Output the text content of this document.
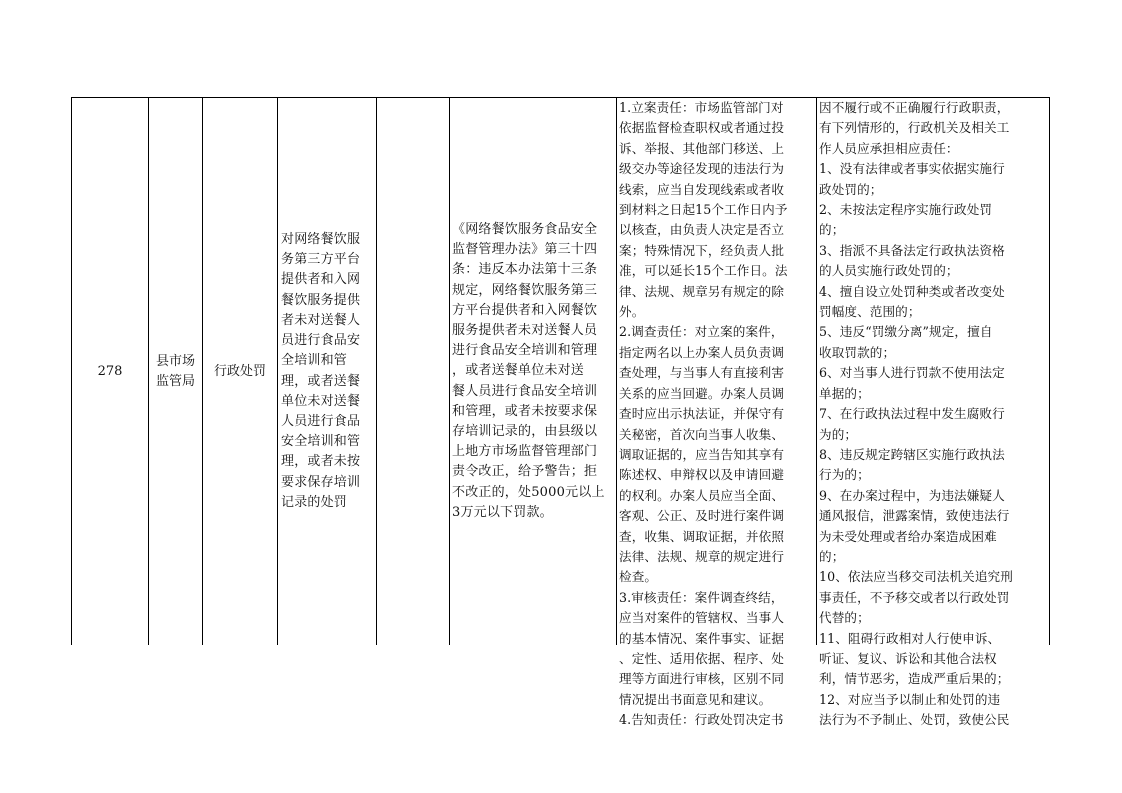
278
县市场
监管局
行政处罚
对网络餐饮服
务第三方平台
提供者和入网
餐饮服务提供
者未对送餐人
员进行食品安
全培训和管
理，或者送餐
单位未对送餐
人员进行食品
安全培训和管
理，或者未按
要求保存培训
记录的处罚
《网络餐饮服务食品安全
监督管理办法》第三十四
条：违反本办法第十三条
规定，网络餐饮服务第三
方平台提供者和入网餐饮
服务提供者未对送餐人员
进行食品安全培训和管理
，或者送餐单位未对送
餐人员进行食品安全培训
和管理，或者未按要求保
存培训记录的，由县级以
上地方市场监督管理部门
责令改正，给予警告；拒
不改正的，处5000元以上
3万元以下罚款。
1.立案责任：市场监管部门对
依据监督检查职权或者通过投
诉、举报、其他部门移送、上
级交办等途径发现的违法行为
线索，应当自发现线索或者收
到材料之日起15个工作日内予
以核查，由负责人决定是否立
案；特殊情况下，经负责人批
准，可以延长15个工作日。法
律、法规、规章另有规定的除
外。
2.调查责任：对立案的案件，
指定两名以上办案人员负责调
查处理，与当事人有直接利害
关系的应当回避。办案人员调
查时应出示执法证，并保守有
关秘密，首次向当事人收集、
调取证据的，应当告知其享有
陈述权、申辩权以及申请回避
的权利。办案人员应当全面、
客观、公正、及时进行案件调
查，收集、调取证据，并依照
法律、法规、规章的规定进行
检查。
3.审核责任：案件调查终结，
应当对案件的管辖权、当事人
的基本情况、案件事实、证据
、定性、适用依据、程序、处
理等方面进行审核，区别不同
情况提出书面意见和建议。
4.告知责任：行政处罚决定书
因不履行或不正确履行行政职责，
有下列情形的，行政机关及相关工
作人员应承担相应责任：
1、没有法律或者事实依据实施行
政处罚的；
2、未按法定程序实施行政处罚
的；
3、指派不具备法定行政执法资格
的人员实施行政处罚的；
4、擅自设立处罚种类或者改变处
罚幅度、范围的；
5、违反“罚缴分离”规定，擅自
收取罚款的；
6、对当事人进行罚款不使用法定
单据的；
7、在行政执法过程中发生腐败行
为的；
8、违反规定跨辖区实施行政执法
行为的；
9、在办案过程中，为违法嫌疑人
通风报信，泄露案情，致使违法行
为未受处理或者给办案造成困难
的；
10、依法应当移交司法机关追究刑
事责任，不予移交或者以行政处罚
代替的；
11、阻碍行政相对人行使申诉、
听证、复议、诉讼和其他合法权
利，情节恶劣，造成严重后果的；
12、对应当予以制止和处罚的违
法行为不予制止、处罚，致使公民
